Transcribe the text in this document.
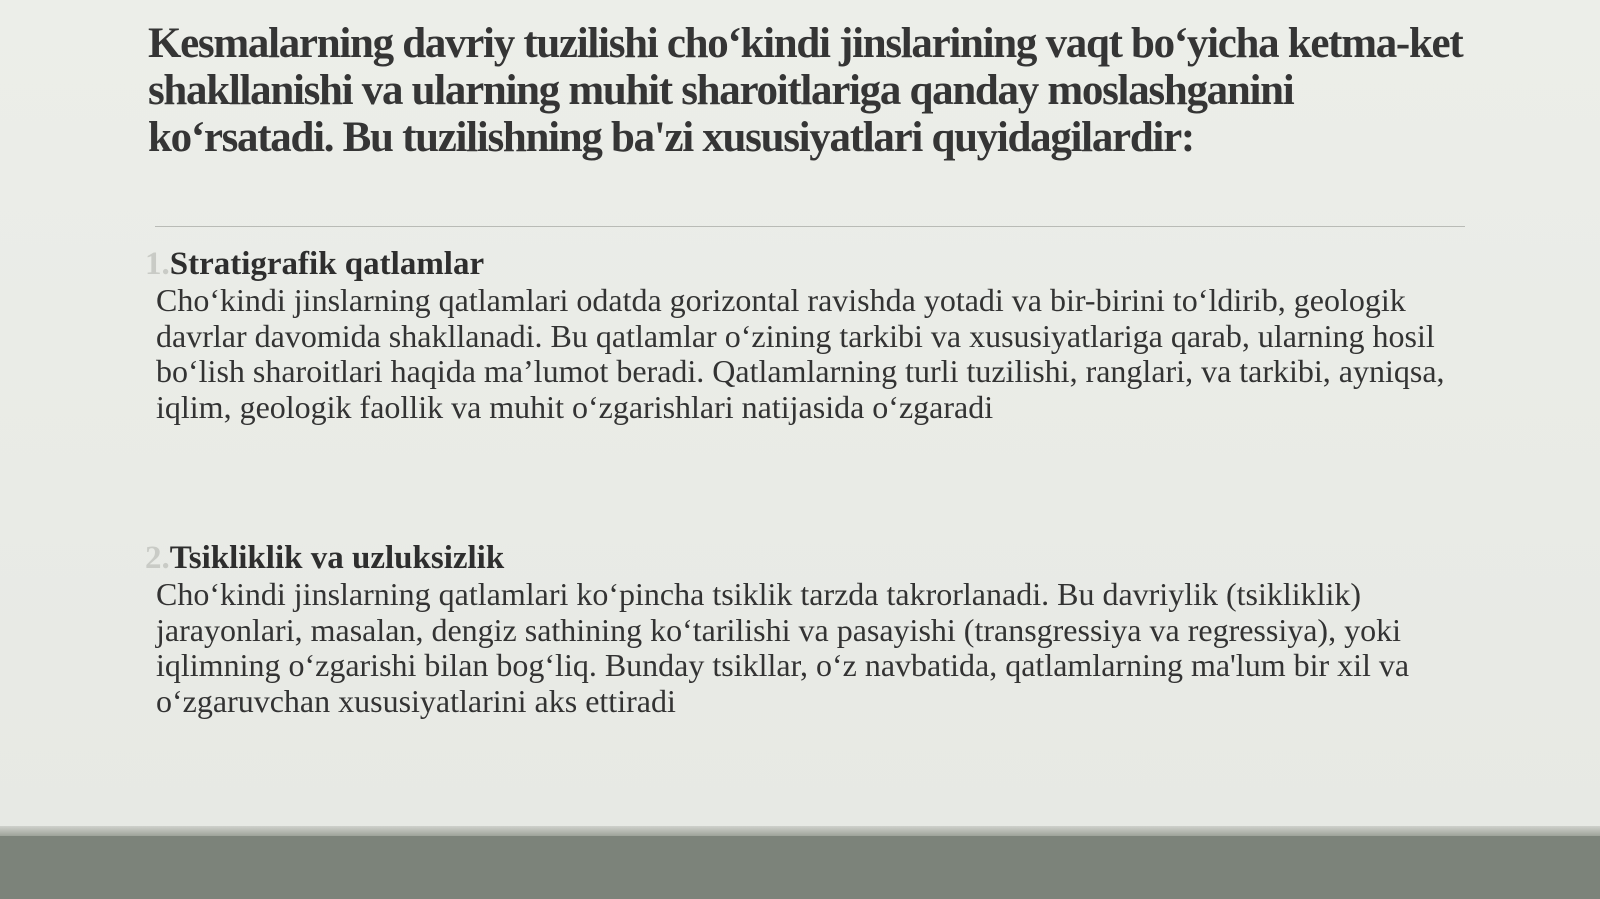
Kesmalarning davriy tuzilishi cho‘kindi jinslarining vaqt bo‘yicha ketma-ket shakllanishi va ularning muhit sharoitlariga qanday moslashganini ko‘rsatadi. Bu tuzilishning ba'zi xususiyatlari quyidagilardir:
1.Stratigrafik qatlamlar
Cho‘kindi jinslarning qatlamlari odatda gorizontal ravishda yotadi va bir-birini to‘ldirib, geologik davrlar davomida shakllanadi. Bu qatlamlar o‘zining tarkibi va xususiyatlariga qarab, ularning hosil bo‘lish sharoitlari haqida ma’lumot beradi. Qatlamlarning turli tuzilishi, ranglari, va tarkibi, ayniqsa, iqlim, geologik faollik va muhit o‘zgarishlari natijasida o‘zgaradi
2.Tsikliklik va uzluksizlik
Cho‘kindi jinslarning qatlamlari ko‘pincha tsiklik tarzda takrorlanadi. Bu davriylik (tsikliklik) jarayonlari, masalan, dengiz sathining ko‘tarilishi va pasayishi (transgressiya va regressiya), yoki iqlimning o‘zgarishi bilan bog‘liq. Bunday tsikllar, o‘z navbatida, qatlamlarning ma'lum bir xil va o‘zgaruvchan xususiyatlarini aks ettiradi
